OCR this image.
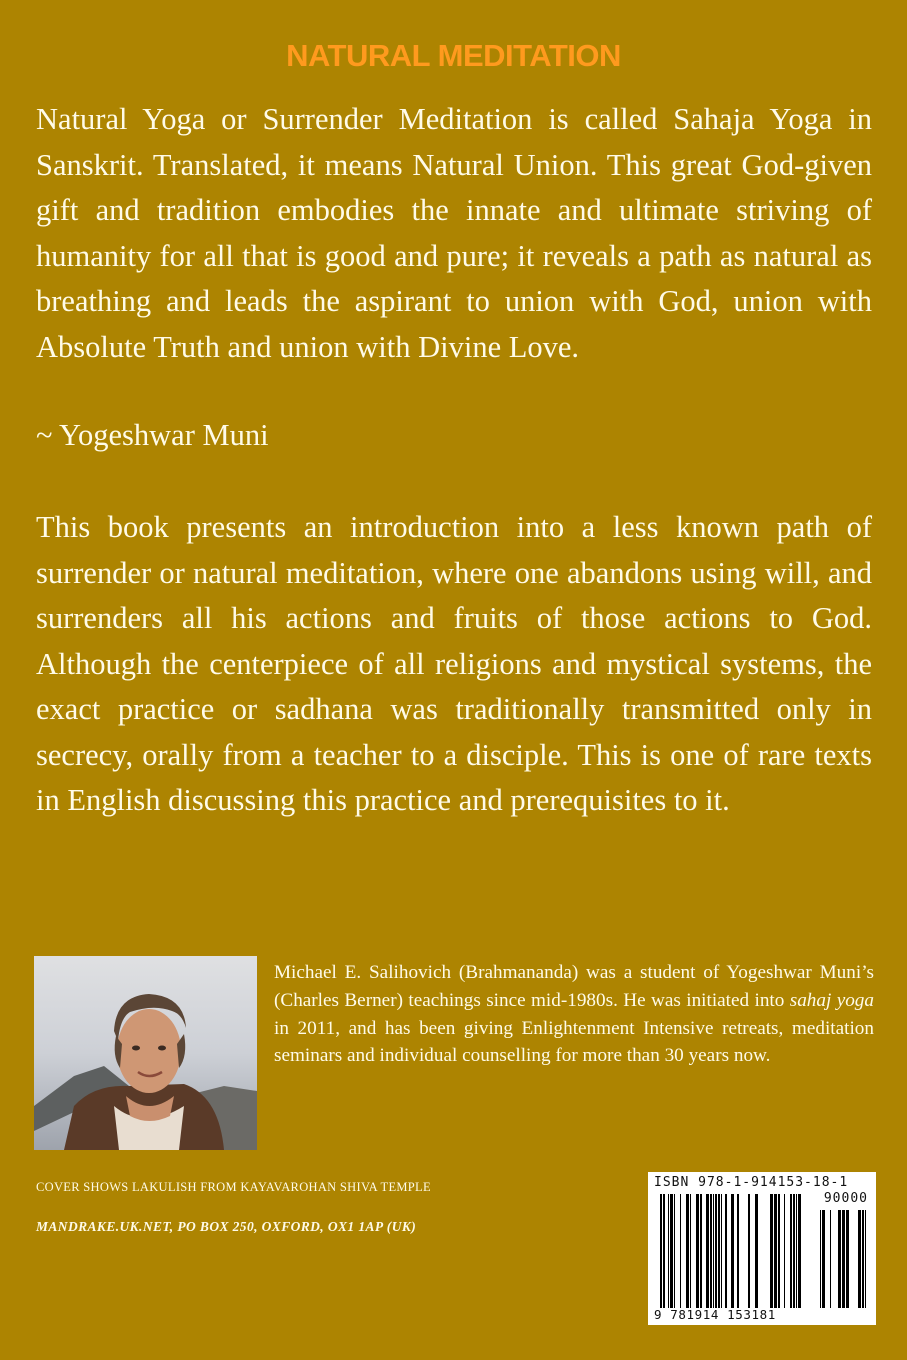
NATURAL MEDITATION

Natural Yoga or Surrender Meditation is called Sahaja Yoga in Sanskrit. Translated, it means Natural Union. This great God-given gift and tradition embodies the innate and ultimate striving of humanity for all that is good and pure; it reveals a path as natural as breathing and leads the aspirant to union with God, union with Absolute Truth and union with Divine Love.

~ Yogeshwar Muni

This book presents an introduction into a less known path of surrender or natural meditation, where one abandons using will, and surrenders all his actions and fruits of those actions to God. Although the centerpiece of all religions and mystical systems, the exact practice or sadhana was traditionally transmitted only in secrecy, orally from a teacher to a disciple. This is one of rare texts in English discussing this practice and prerequisites to it.

Michael E. Salihovich (Brahmananda) was a student of Yogeshwar Muni’s (Charles Berner) teachings since mid-1980s. He was initiated into sahaj yoga in 2011, and has been giving Enlightenment Intensive retreats, meditation seminars and individual counselling for more than 30 years now.

COVER SHOWS LAKULISH FROM KAYAVAROHAN SHIVA TEMPLE
MANDRAKE.UK.NET, PO BOX 250, OXFORD, OX1 1AP (UK)
ISBN 978-1-914153-18-1
90000
9 781914 153181
